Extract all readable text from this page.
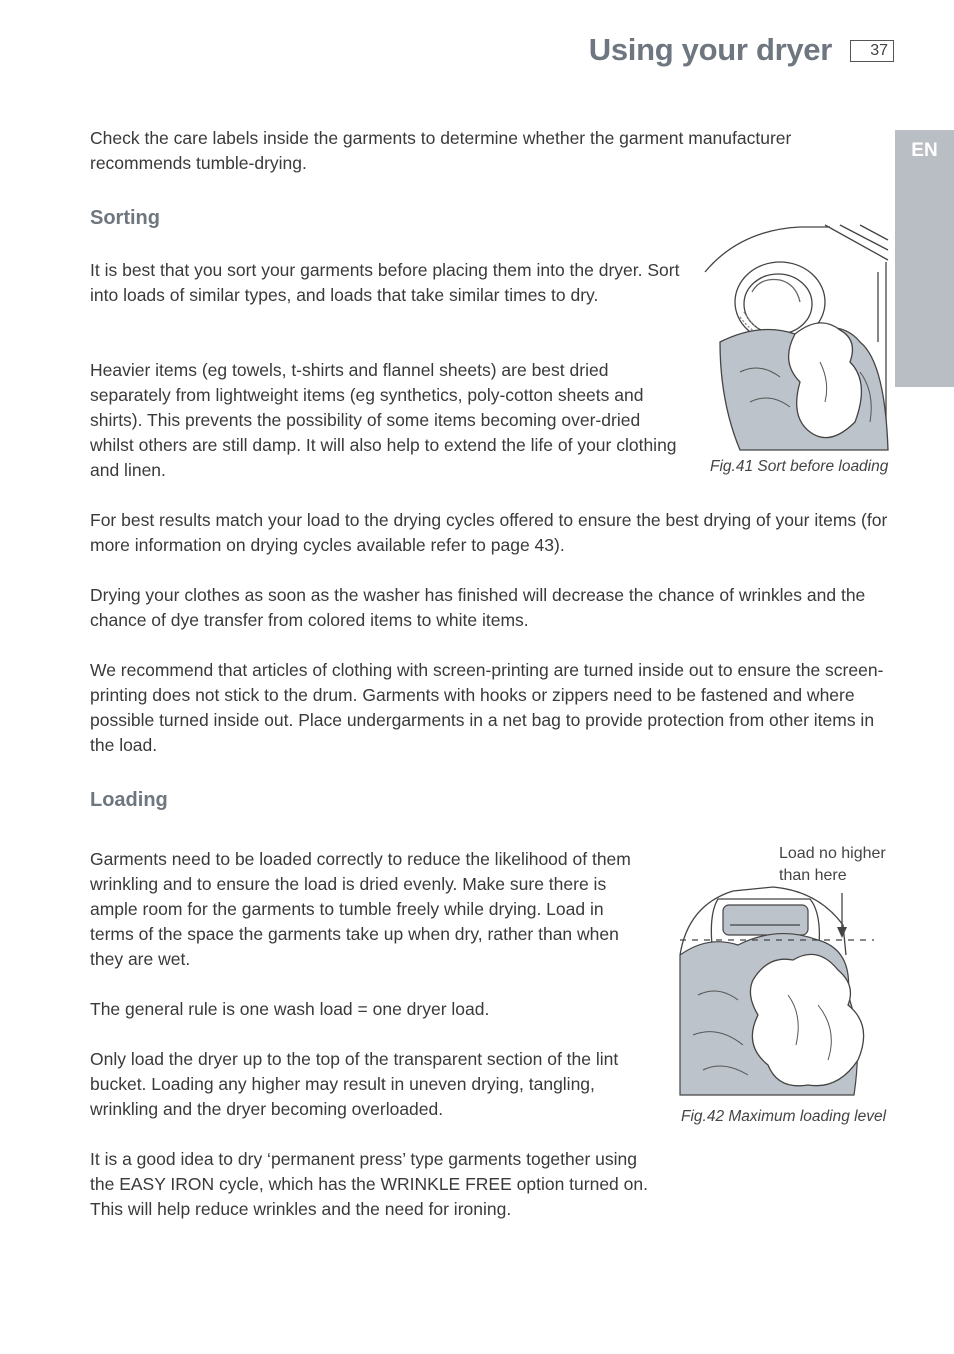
Using your dryer	37
EN

Check the care labels inside the garments to determine whether the garment manufacturer recommends tumble-drying.

Sorting

It is best that you sort your garments before placing them into the dryer. Sort into loads of similar types, and loads that take similar times to dry.

Heavier items (eg towels, t-shirts and flannel sheets) are best dried separately from lightweight items (eg synthetics, poly-cotton sheets and shirts). This prevents the possibility of some items becoming over-dried whilst others are still damp. It will also help to extend the life of your clothing and linen.	Fig.41 Sort before loading

For best results match your load to the drying cycles offered to ensure the best drying of your items (for more information on drying cycles available refer to page 43).

Drying your clothes as soon as the washer has finished will decrease the chance of wrinkles and the chance of dye transfer from colored items to white items.

We recommend that articles of clothing with screen-printing are turned inside out to ensure the screen-printing does not stick to the drum. Garments with hooks or zippers need to be fastened and where possible turned inside out. Place undergarments in a net bag to provide protection from other items in the load.

Loading

Garments need to be loaded correctly to reduce the likelihood of them wrinkling and to ensure the load is dried evenly. Make sure there is ample room for the garments to tumble freely while drying. Load in terms of the space the garments take up when dry, rather than when they are wet.

The general rule is one wash load = one dryer load.

Only load the dryer up to the top of the transparent section of the lint bucket. Loading any higher may result in uneven drying, tangling, wrinkling and the dryer becoming overloaded.

It is a good idea to dry ‘permanent press’ type garments together using the EASY IRON cycle, which has the WRINKLE FREE option turned on. This will help reduce wrinkles and the need for ironing.

Load no higher than here

Fig.42 Maximum loading level
